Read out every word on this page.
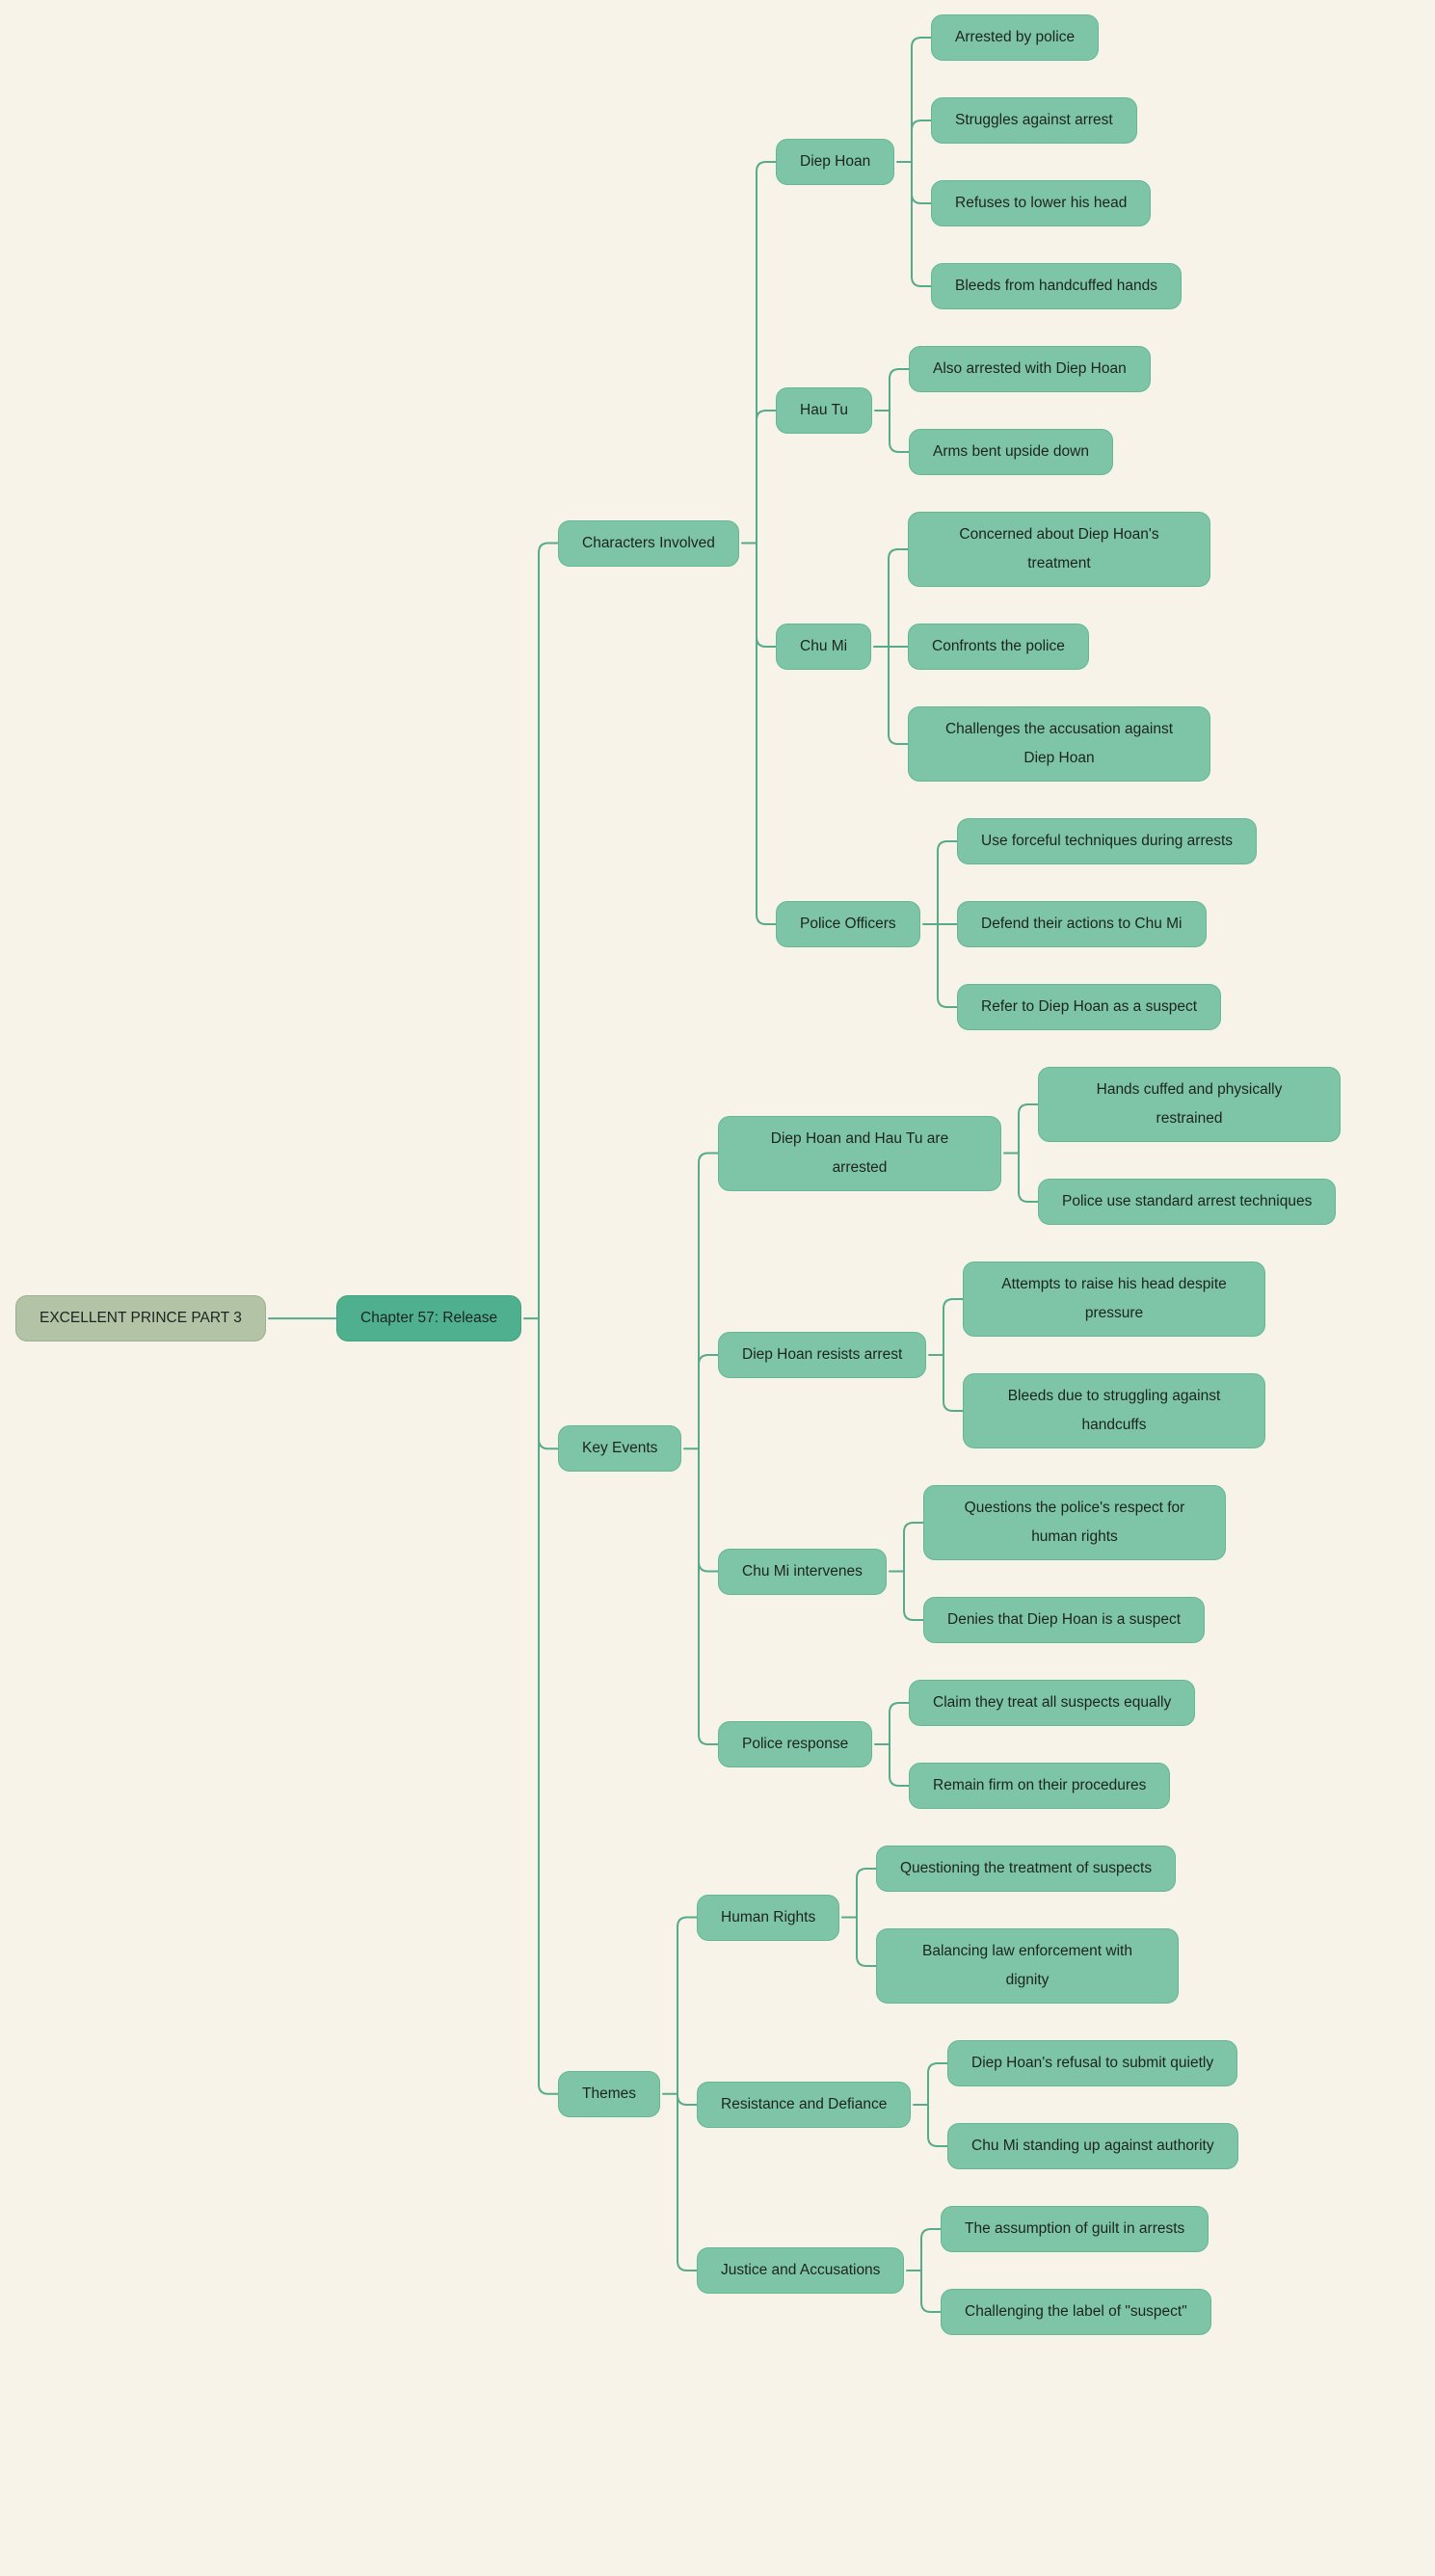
EXCELLENT PRINCE PART 3	Chapter 57: Release
Characters Involved
Diep Hoan
Arrested by police
Struggles against arrest
Refuses to lower his head
Bleeds from handcuffed hands
Hau Tu
Also arrested with Diep Hoan
Arms bent upside down
Chu Mi
Concerned about Diep Hoan's treatment
Confronts the police
Challenges the accusation against Diep Hoan
Police Officers
Use forceful techniques during arrests
Defend their actions to Chu Mi
Refer to Diep Hoan as a suspect
Key Events
Diep Hoan and Hau Tu are arrested
Hands cuffed and physically restrained
Police use standard arrest techniques
Diep Hoan resists arrest
Attempts to raise his head despite pressure
Bleeds due to struggling against handcuffs
Chu Mi intervenes
Questions the police's respect for human rights
Denies that Diep Hoan is a suspect
Police response
Claim they treat all suspects equally
Remain firm on their procedures
Themes
Human Rights
Questioning the treatment of suspects
Balancing law enforcement with dignity
Resistance and Defiance
Diep Hoan's refusal to submit quietly
Chu Mi standing up against authority
Justice and Accusations
The assumption of guilt in arrests
Challenging the label of "suspect"
